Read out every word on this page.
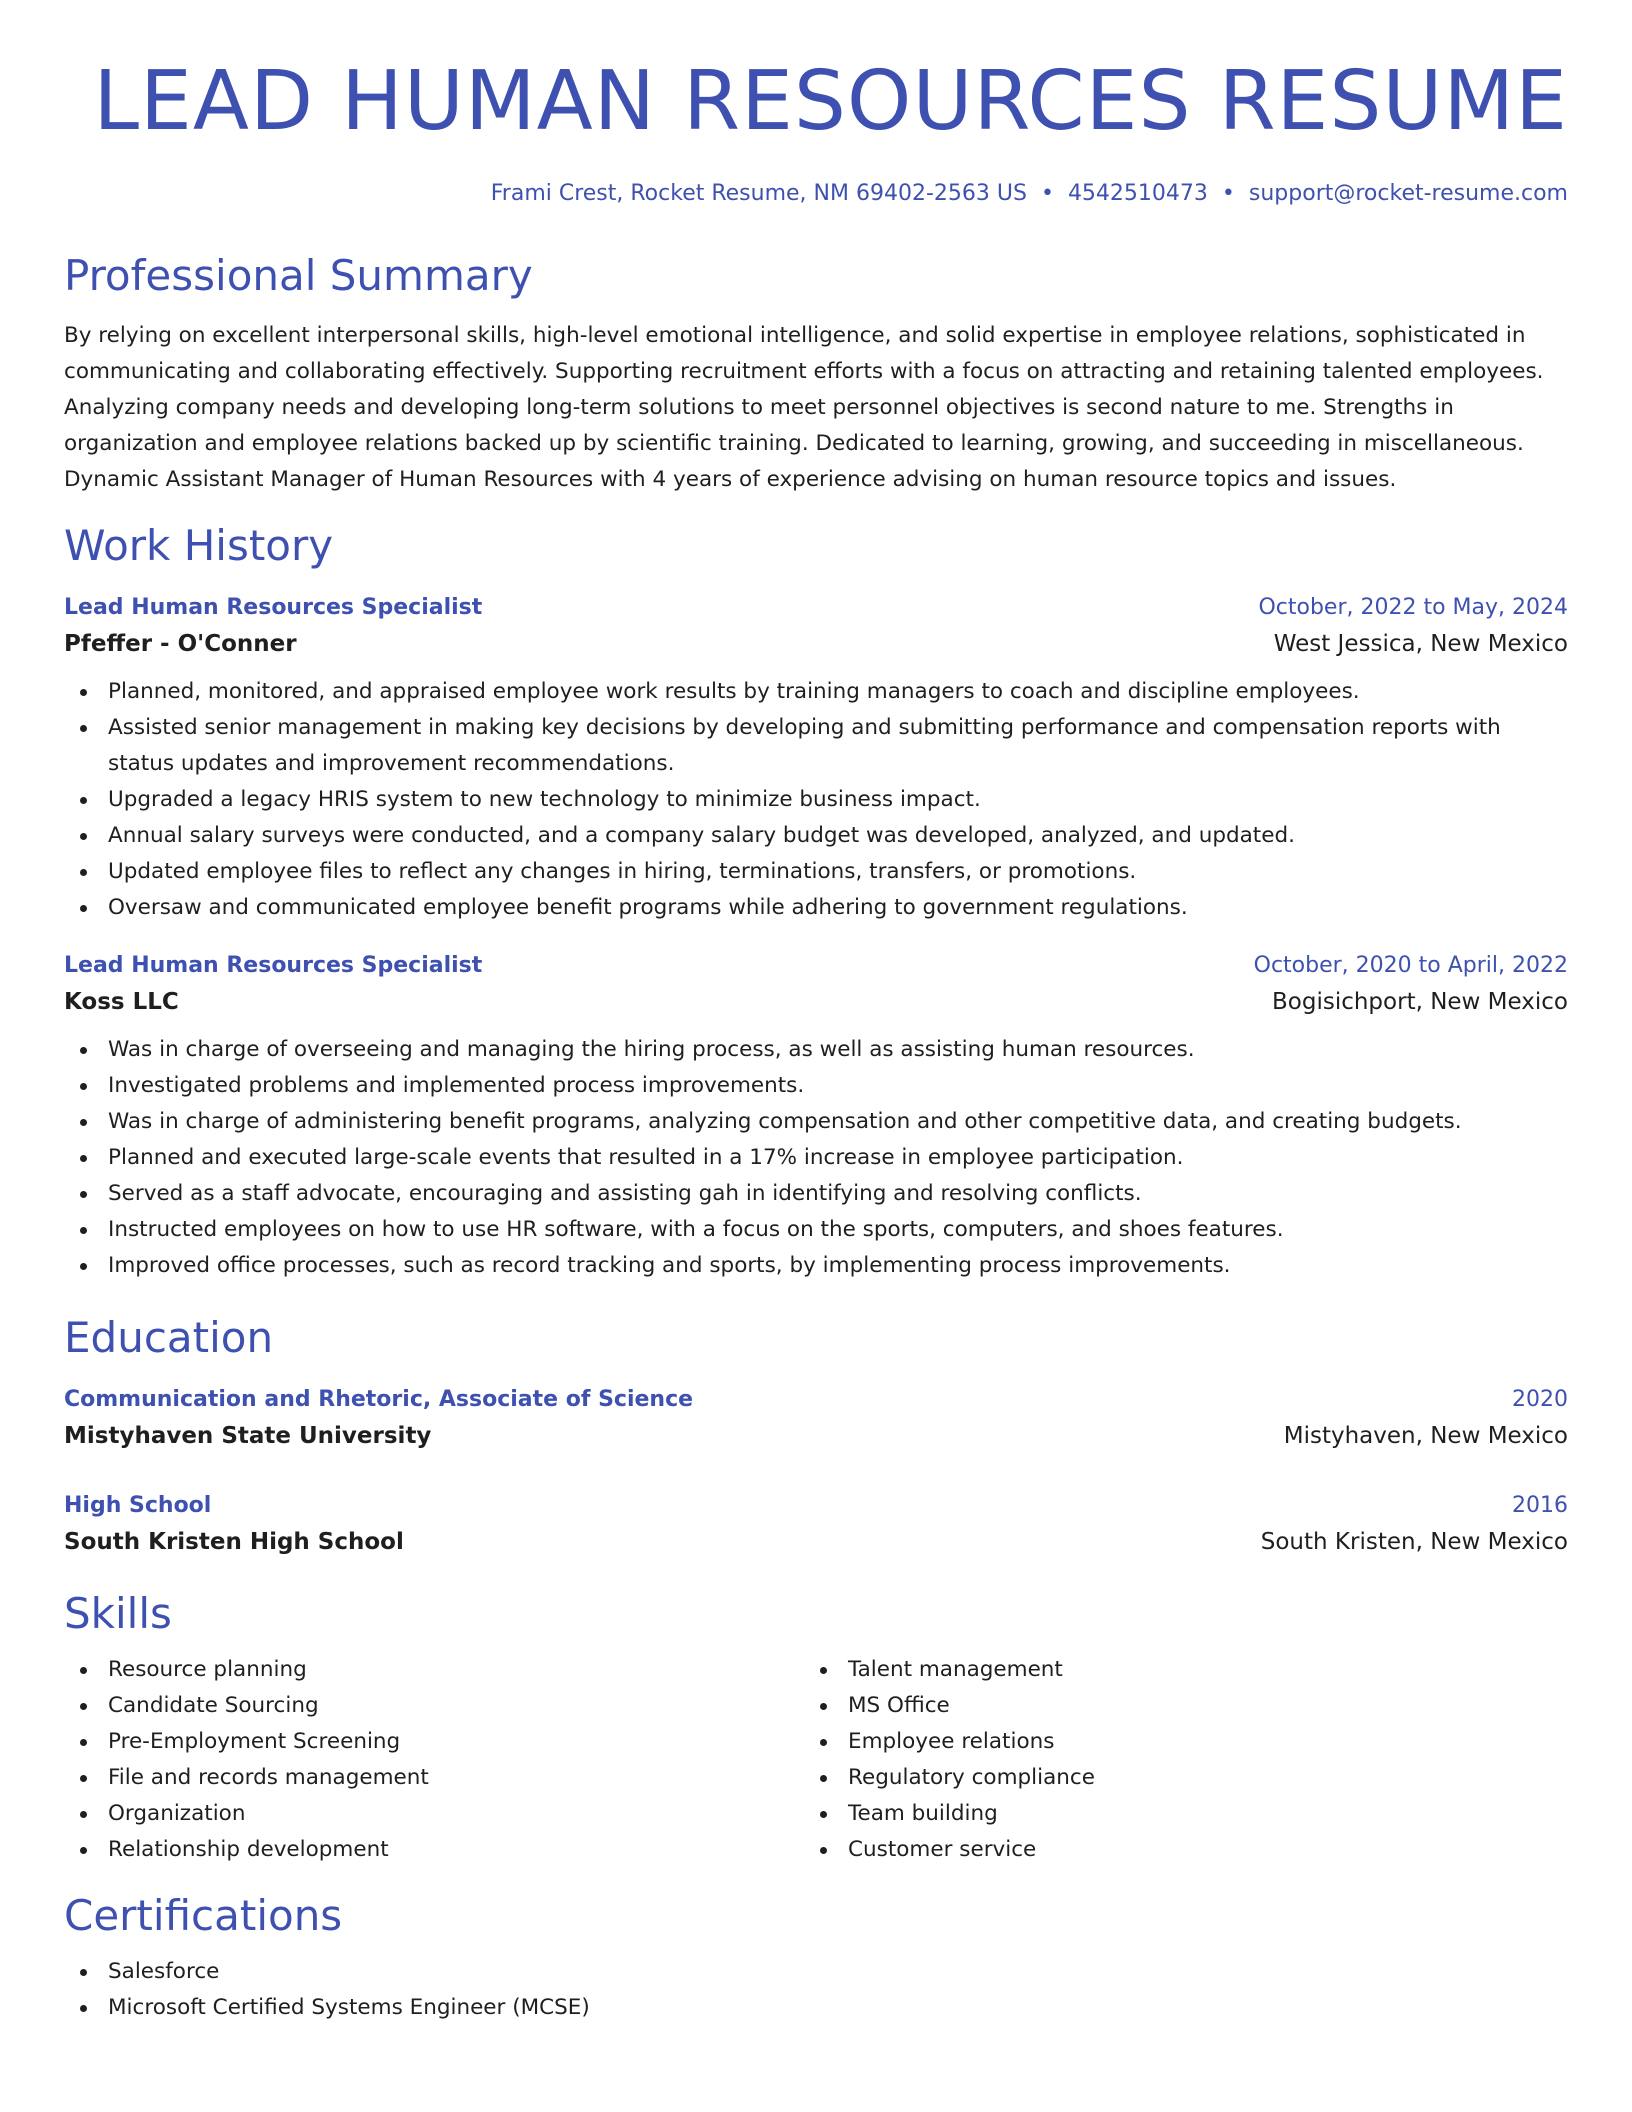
LEAD HUMAN RESOURCES RESUME
Frami Crest, Rocket Resume, NM 69402-2563 US • 4542510473 • support@rocket-resume.com
Professional Summary
By relying on excellent interpersonal skills, high-level emotional intelligence, and solid expertise in employee relations, sophisticated in communicating and collaborating effectively. Supporting recruitment efforts with a focus on attracting and retaining talented employees. Analyzing company needs and developing long-term solutions to meet personnel objectives is second nature to me. Strengths in organization and employee relations backed up by scientific training. Dedicated to learning, growing, and succeeding in miscellaneous. Dynamic Assistant Manager of Human Resources with 4 years of experience advising on human resource topics and issues.
Work History
Lead Human Resources Specialist	October, 2022 to May, 2024
Pfeffer - O'Conner	West Jessica, New Mexico
Planned, monitored, and appraised employee work results by training managers to coach and discipline employees.
Assisted senior management in making key decisions by developing and submitting performance and compensation reports with status updates and improvement recommendations.
Upgraded a legacy HRIS system to new technology to minimize business impact.
Annual salary surveys were conducted, and a company salary budget was developed, analyzed, and updated.
Updated employee files to reflect any changes in hiring, terminations, transfers, or promotions.
Oversaw and communicated employee benefit programs while adhering to government regulations.
Lead Human Resources Specialist	October, 2020 to April, 2022
Koss LLC	Bogisichport, New Mexico
Was in charge of overseeing and managing the hiring process, as well as assisting human resources.
Investigated problems and implemented process improvements.
Was in charge of administering benefit programs, analyzing compensation and other competitive data, and creating budgets.
Planned and executed large-scale events that resulted in a 17% increase in employee participation.
Served as a staff advocate, encouraging and assisting gah in identifying and resolving conflicts.
Instructed employees on how to use HR software, with a focus on the sports, computers, and shoes features.
Improved office processes, such as record tracking and sports, by implementing process improvements.
Education
Communication and Rhetoric, Associate of Science	2020
Mistyhaven State University	Mistyhaven, New Mexico
High School	2016
South Kristen High School	South Kristen, New Mexico
Skills
Resource planning
Candidate Sourcing
Pre-Employment Screening
File and records management
Organization
Relationship development
Talent management
MS Office
Employee relations
Regulatory compliance
Team building
Customer service
Certifications
Salesforce
Microsoft Certified Systems Engineer (MCSE)
